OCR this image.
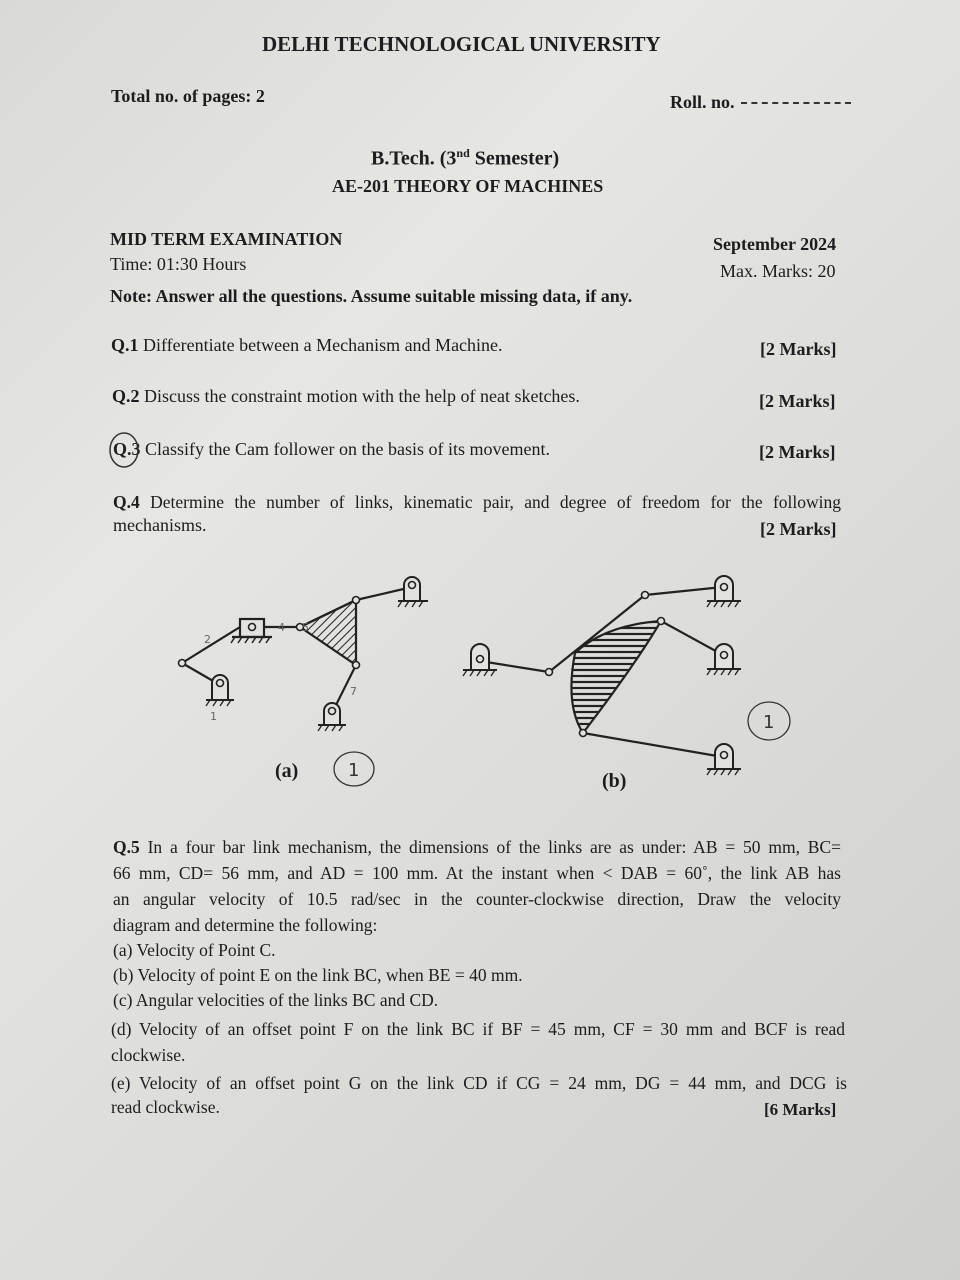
DELHI TECHNOLOGICAL UNIVERSITY
Total no. of pages: 2	Roll. no.
B.Tech. (3nd Semester)
AE-201 THEORY OF MACHINES
MID TERM EXAMINATION	September 2024
Time: 01:30 Hours	Max. Marks: 20
Note: Answer all the questions. Assume suitable missing data, if any.
Q.1 Differentiate between a Mechanism and Machine.	[2 Marks]
Q.2 Discuss the constraint motion with the help of neat sketches.	[2 Marks]
Q.3 Classify the Cam follower on the basis of its movement.	[2 Marks]
Q.4 Determine the number of links, kinematic pair, and degree of freedom for the following
mechanisms.	[2 Marks]
2
4 5
7
1
(a)	1	(b)
1
Q.5 In a four bar link mechanism, the dimensions of the links are as under: AB = 50 mm, BC=
66 mm, CD= 56 mm, and AD = 100 mm. At the instant when < DAB = 60˚, the link AB has
an angular velocity of 10.5 rad/sec in the counter-clockwise direction, Draw the velocity
diagram and determine the following:
(a) Velocity of Point C.
(b) Velocity of point E on the link BC, when BE = 40 mm.
(c) Angular velocities of the links BC and CD.
(d) Velocity of an offset point F on the link BC if BF = 45 mm, CF = 30 mm and BCF is read
clockwise.
(e) Velocity of an offset point G on the link CD if CG = 24 mm, DG = 44 mm, and DCG is
read clockwise.	[6 Marks]
